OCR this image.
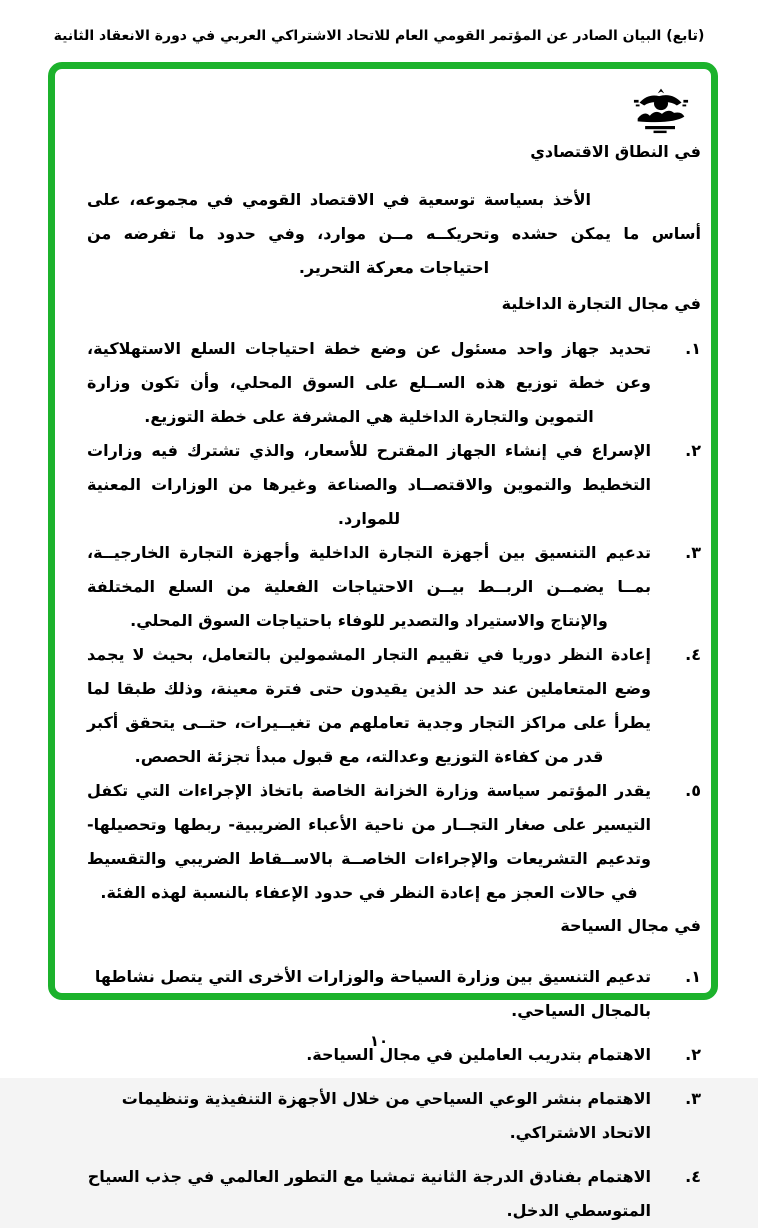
(تابع) البيان الصادر عن المؤتمر القومي العام للاتحاد الاشتراكي العربي في دورة الانعقاد الثانية
في النطاق الاقتصادي

الأخذ بسياسة توسعية في الاقتصاد القومي في مجموعه، على أساس ما يمكن حشده وتحريكــه مــن موارد، وفي حدود ما تفرضه من احتياجات معركة التحرير.

في مجال التجارة الداخلية
١.
تحديد جهاز واحد مسئول عن وضع خطة احتياجات السلع الاستهلاكية، وعن خطة توزيع هذه الســلع على السوق المحلي، وأن تكون وزارة التموين والتجارة الداخلية هي المشرفة على خطة التوزيع.
٢.
الإسراع في إنشاء الجهاز المقترح للأسعار، والذي تشترك فيه وزارات التخطيط والتموين والاقتصــاد والصناعة وغيرها من الوزارات المعنية للموارد.
٣.
تدعيم التنسيق بين أجهزة التجارة الداخلية وأجهزة التجارة الخارجيــة، بمــا يضمــن الربــط بيــن الاحتياجات الفعلية من السلع المختلفة والإنتاج والاستيراد والتصدير للوفاء باحتياجات السوق المحلي.
٤.
إعادة النظر دوريا في تقييم التجار المشمولين بالتعامل، بحيث لا يجمد وضع المتعاملين عند حد الذين يقيدون حتى فترة معينة، وذلك طبقا لما يطرأ على مراكز التجار وجدية تعاملهم من تغيــيرات، حتــى يتحقق أكبر قدر من كفاءة التوزيع وعدالته، مع قبول مبدأ تجزئة الحصص.
٥.
يقدر المؤتمر سياسة وزارة الخزانة الخاصة باتخاذ الإجراءات التي تكفل التيسير على صغار التجــار من ناحية الأعباء الضريبية- ربطها وتحصيلها- وتدعيم التشريعات والإجراءات الخاصــة بالاســقاط الضريبي والتقسيط في حالات العجز مع إعادة النظر في حدود الإعفاء بالنسبة لهذه الفئة.
في مجال السياحة
١.
تدعيم التنسيق بين وزارة السياحة والوزارات الأخرى التي يتصل نشاطها بالمجال السياحي.
٢.
الاهتمام بتدريب العاملين في مجال السياحة.
٣.
الاهتمام بنشر الوعي السياحي من خلال الأجهزة التنفيذية وتنظيمات الاتحاد الاشتراكي.
٤.
الاهتمام بفنادق الدرجة الثانية تمشيا مع التطور العالمي في جذب السياح المتوسطي الدخل.
١٠
